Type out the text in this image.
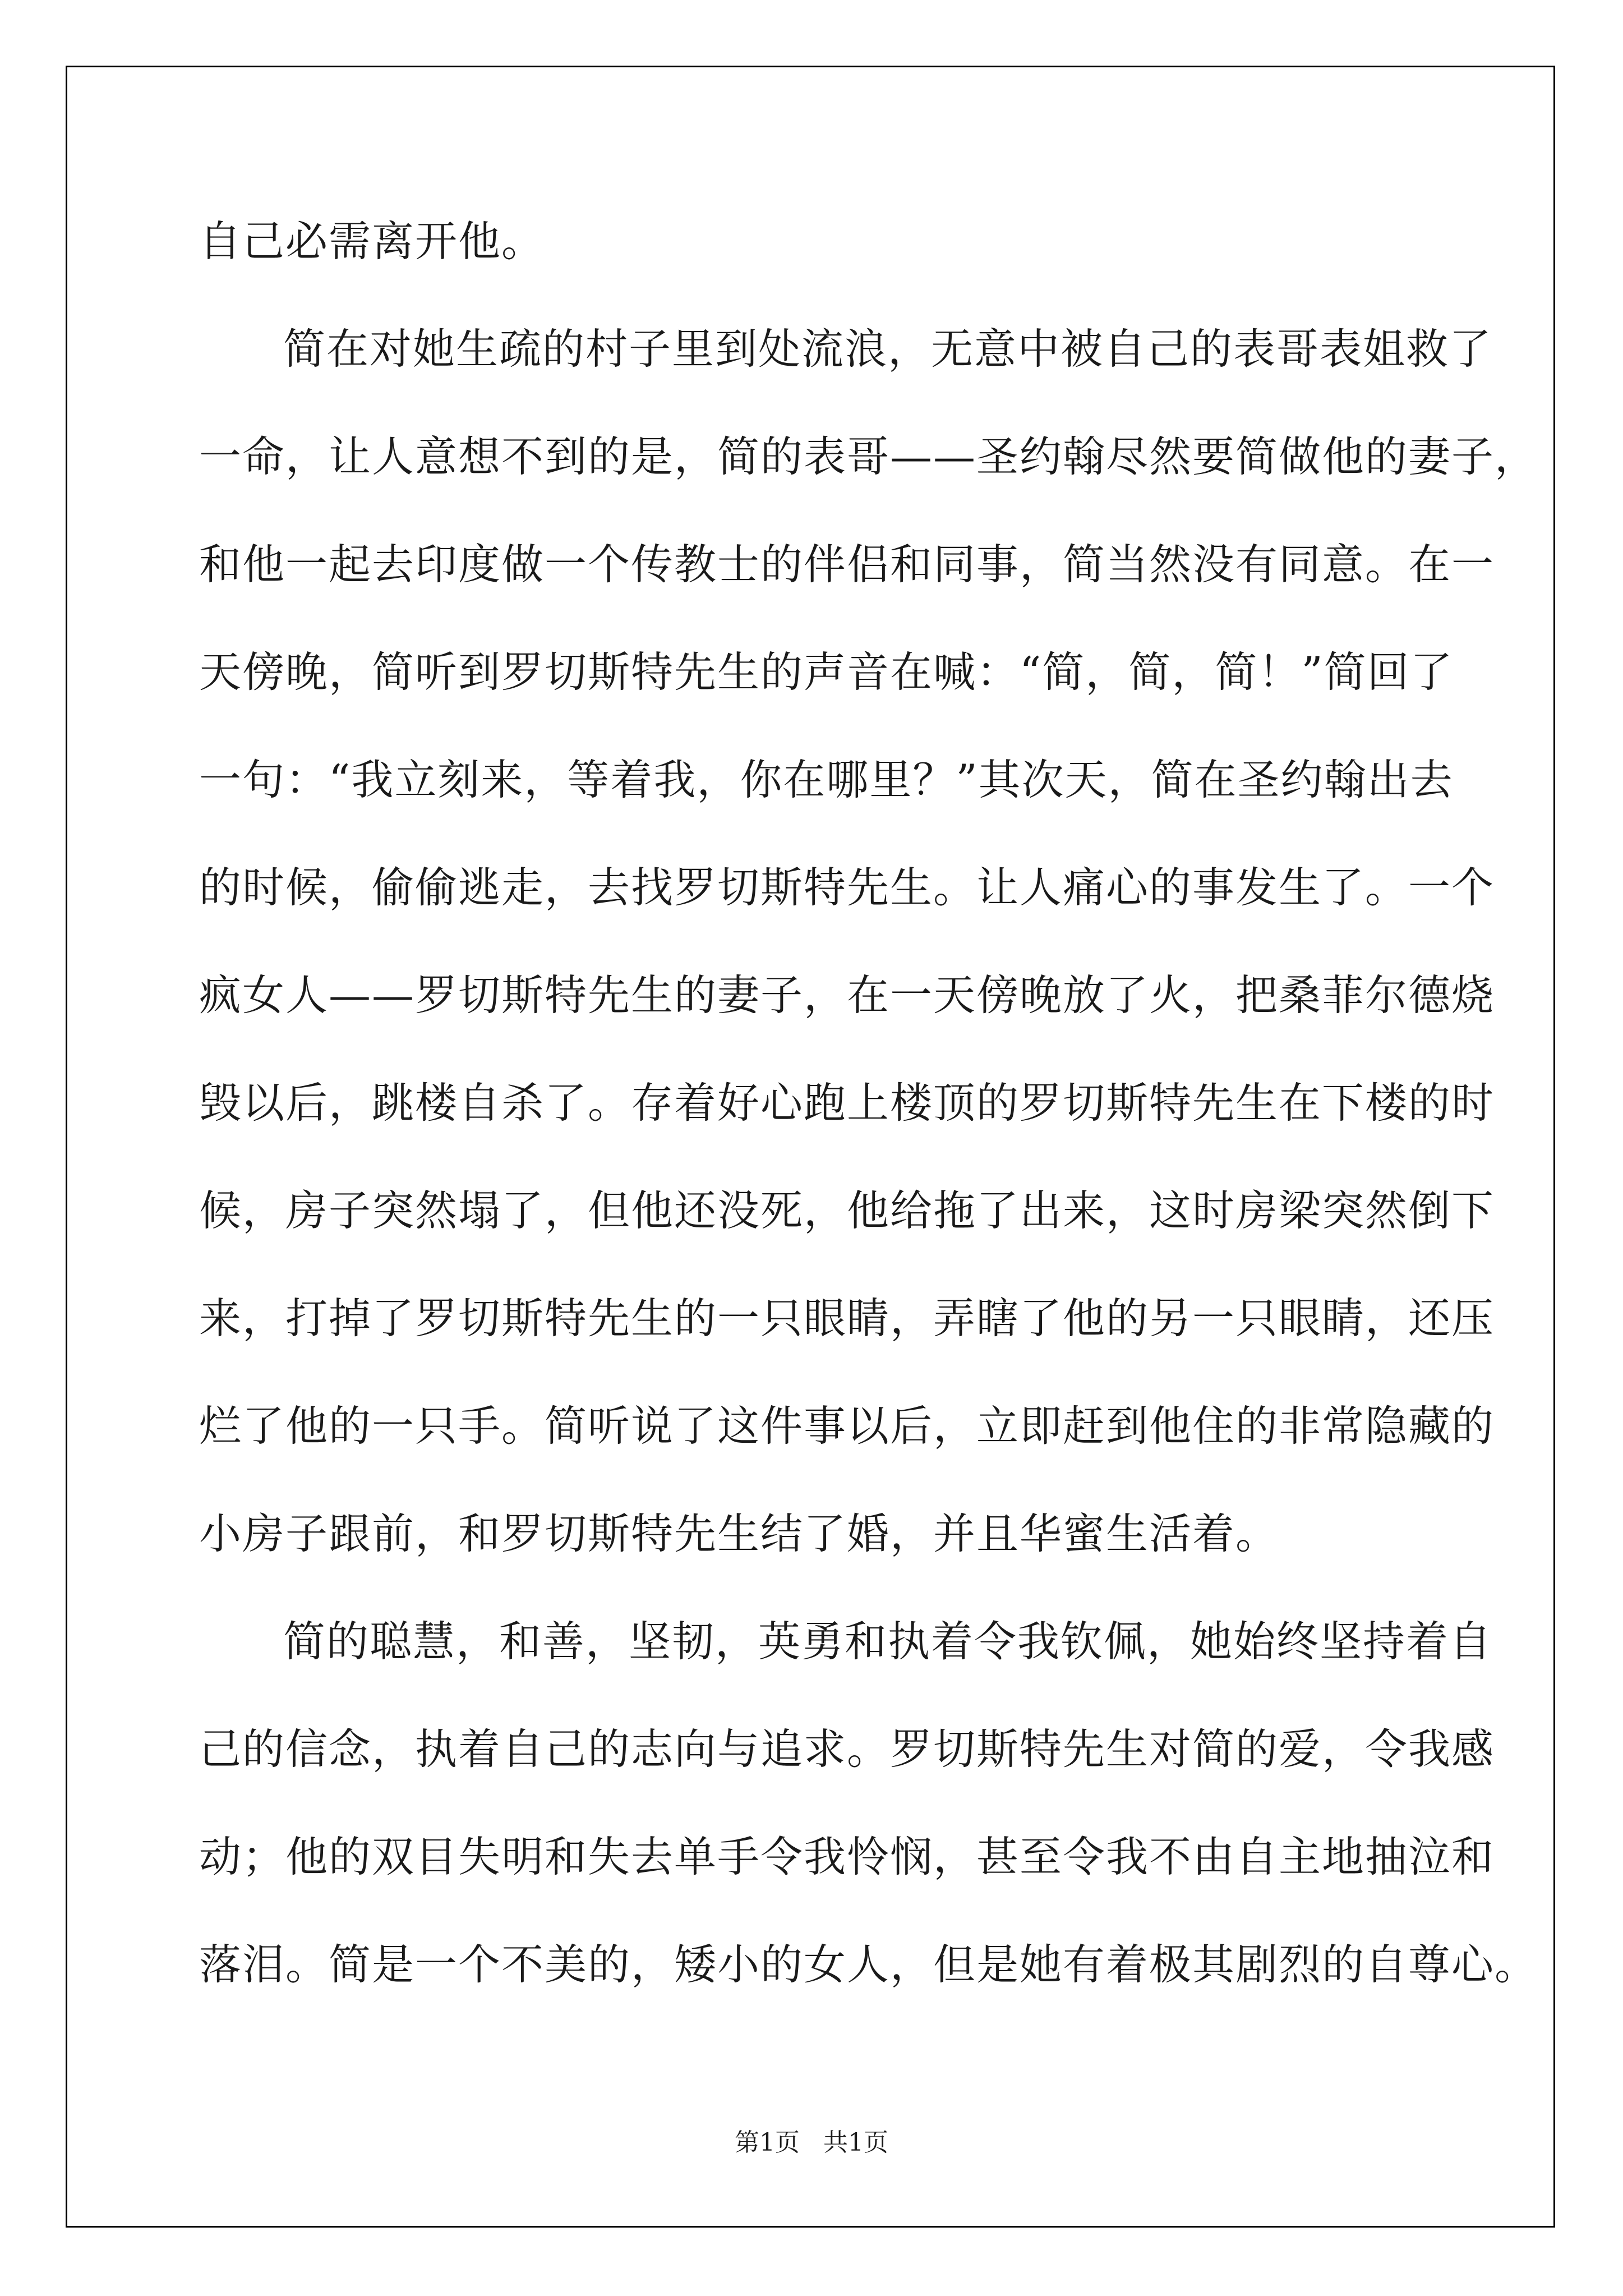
自己必需离开他。
简在对她生疏的村子里到处流浪，无意中被自己的表哥表姐救了
一命，让人意想不到的是，简的表哥——圣约翰尽然要简做他的妻子，
和他一起去印度做一个传教士的伴侣和同事，简当然没有同意。在一
天傍晚，简听到罗切斯特先生的声音在喊：“简，简，简！”简回了
一句：“我立刻来，等着我，你在哪里？”其次天，简在圣约翰出去
的时候，偷偷逃走，去找罗切斯特先生。让人痛心的事发生了。一个
疯女人——罗切斯特先生的妻子，在一天傍晚放了火，把桑菲尔德烧
毁以后，跳楼自杀了。存着好心跑上楼顶的罗切斯特先生在下楼的时
候，房子突然塌了，但他还没死，他给拖了出来，这时房梁突然倒下
来，打掉了罗切斯特先生的一只眼睛，弄瞎了他的另一只眼睛，还压
烂了他的一只手。简听说了这件事以后，立即赶到他住的非常隐藏的
小房子跟前，和罗切斯特先生结了婚，并且华蜜生活着。
简的聪慧，和善，坚韧，英勇和执着令我钦佩，她始终坚持着自
己的信念，执着自己的志向与追求。罗切斯特先生对简的爱，令我感
动；他的双目失明和失去单手令我怜悯，甚至令我不由自主地抽泣和
落泪。简是一个不美的，矮小的女人，但是她有着极其剧烈的自尊心。
第1页   共1页
